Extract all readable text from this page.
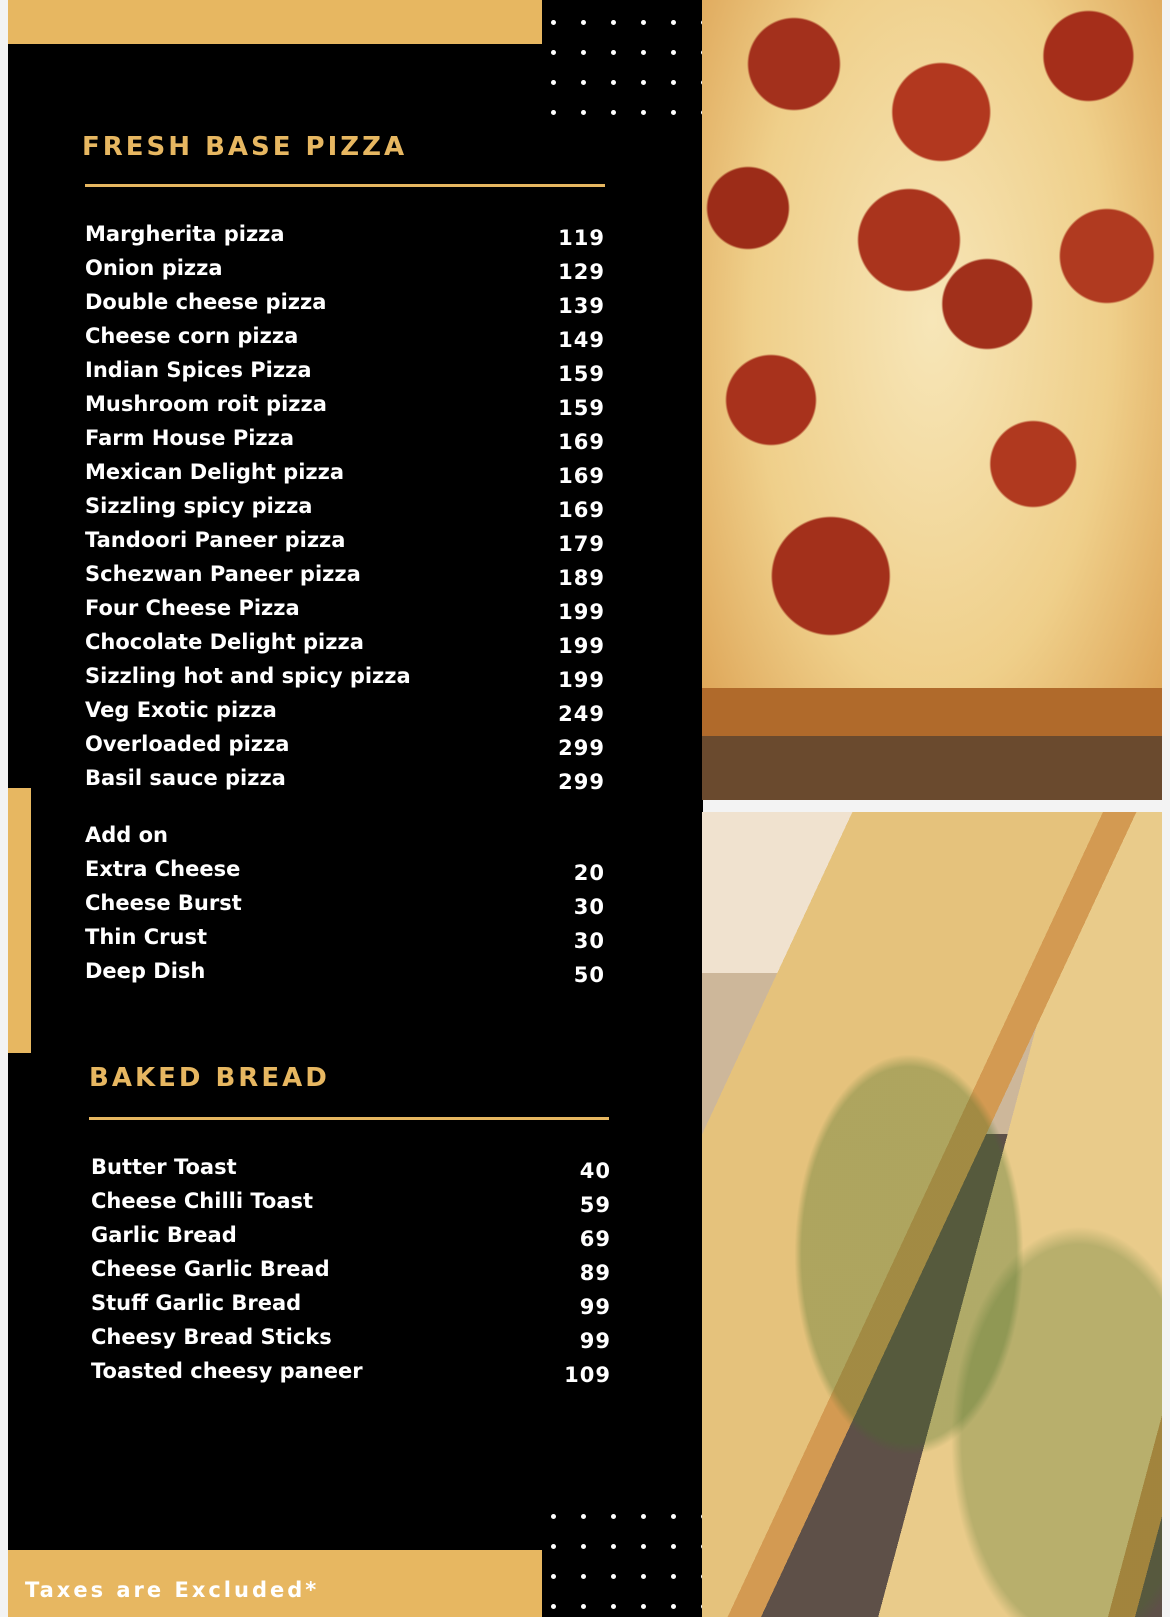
FRESH BASE PIZZA
Margherita pizza	119
Onion pizza	129
Double cheese pizza	139
Cheese corn pizza	149
Indian Spices Pizza	159
Mushroom roit pizza	159
Farm House Pizza	169
Mexican Delight pizza	169
Sizzling spicy pizza	169
Tandoori Paneer pizza	179
Schezwan Paneer pizza	189
Four Cheese Pizza	199
Chocolate Delight pizza	199
Sizzling hot and spicy pizza	199
Veg Exotic pizza	249
Overloaded pizza	299
Basil sauce pizza	299
Add on
Extra Cheese	20
Cheese Burst	30
Thin Crust	30
Deep Dish	50
BAKED BREAD
Butter Toast	40
Cheese Chilli Toast	59
Garlic Bread	69
Cheese Garlic Bread	89
Stuff Garlic Bread	99
Cheesy Bread Sticks	99
Toasted cheesy paneer	109
Taxes are Excluded*
